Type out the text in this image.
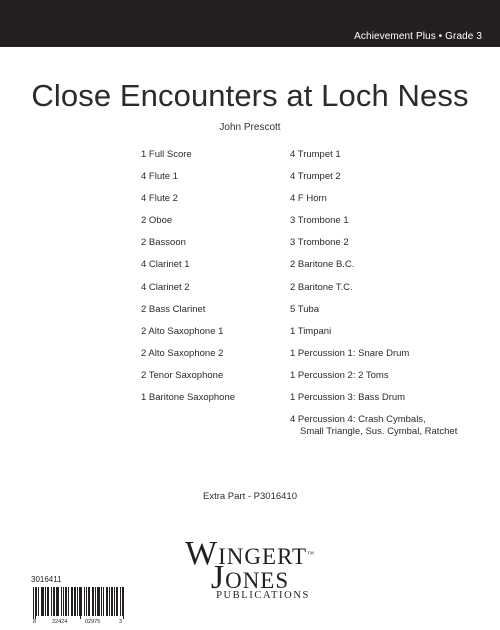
Achievement Plus • Grade 3
Close Encounters at Loch Ness
John Prescott
1 Full Score
4 Flute 1
4 Flute 2
2 Oboe
2 Bassoon
4 Clarinet 1
4 Clarinet 2
2 Bass Clarinet
2 Alto Saxophone 1
2 Alto Saxophone 2
2 Tenor Saxophone
1 Baritone Saxophone
4 Trumpet 1
4 Trumpet 2
4 F Horn
3 Trombone 1
3 Trombone 2
2 Baritone B.C.
2 Baritone T.C.
5 Tuba
1 Timpani
1 Percussion 1: Snare Drum
1 Percussion 2: 2 Toms
1 Percussion 3: Bass Drum
4 Percussion 4: Crash Cymbals,
Small Triangle, Sus. Cymbal, Ratchet
Extra Part - P3016410
3016411
8	22424	02975	3
WINGERT™
JONES
PUBLICATIONS
